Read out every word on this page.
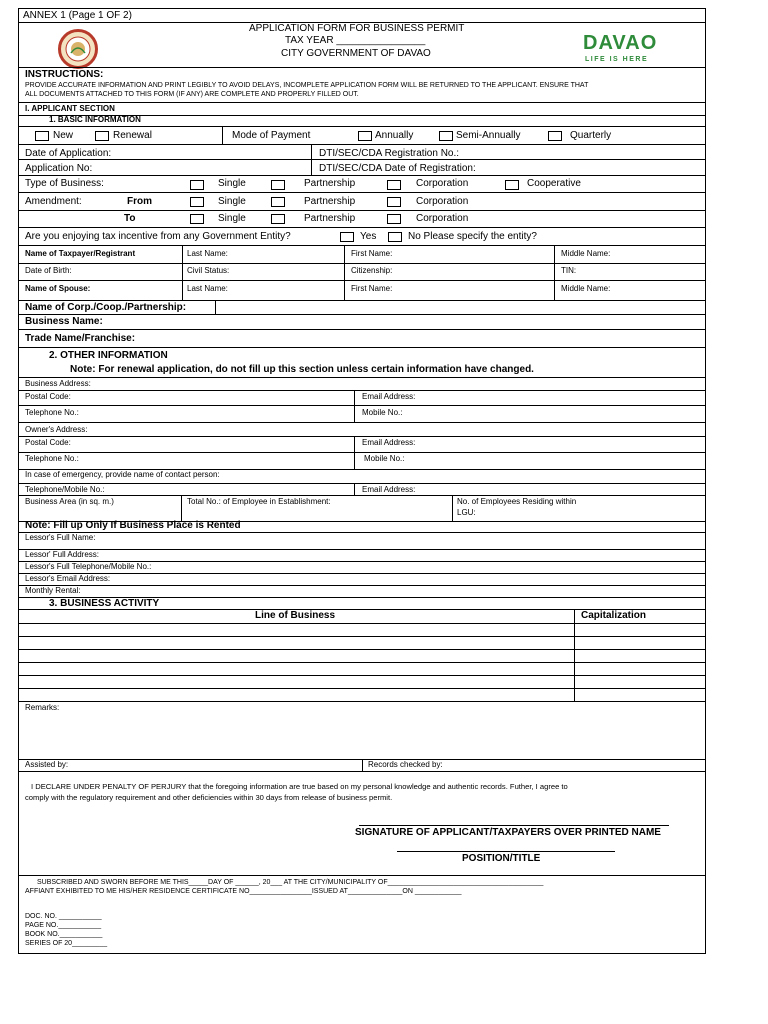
ANNEX 1 (Page 1 OF 2)
APPLICATION FORM FOR BUSINESS PERMIT
TAX YEAR ________________
CITY GOVERNMENT OF DAVAO	DAVAO
LIFE IS HERE
INSTRUCTIONS:
PROVIDE ACCURATE INFORMATION AND PRINT LEGIBLY TO AVOID DELAYS, INCOMPLETE APPLICATION FORM WILL BE RETURNED TO THE APPLICANT. ENSURE THAT
ALL DOCUMENTS ATTACHED TO THIS FORM (IF ANY) ARE COMPLETE AND PROPERLY FILLED OUT.
I. APPLICANT SECTION
1. BASIC INFORMATION
New	Renewal	Mode of Payment	Annually	Semi-Annually	Quarterly
Date of Application:	DTI/SEC/CDA Registration No.:
Application No:	DTI/SEC/CDA Date of Registration:
Type of Business:	Single	Partnership	Corporation	Cooperative
Amendment:	From	Single	Partnership	Corporation
To	Single	Partnership	Corporation
Are you enjoying tax incentive from any Government Entity?	Yes	No Please specify the entity?
Name of Taxpayer/Registrant	Last Name:	First Name:	Middle Name:
Date of Birth:	Civil Status:	Citizenship:	TIN:
Name of Spouse:	Last Name:	First Name:	Middle Name:
Name of Corp./Coop./Partnership:
Business Name:
Trade Name/Franchise:
2. OTHER INFORMATION
Note: For renewal application, do not fill up this section unless certain information have changed.
Business Address:
Postal Code:	Email Address:
Telephone No.:	Mobile No.:
Owner's Address:
Postal Code:	Email Address:
Telephone No.:	Mobile No.:
In case of emergency, provide name of contact person:
Telephone/Mobile No.:	Email Address:
Business Area (in sq. m.)	Total No.: of Employee in Establishment:	No. of Employees Residing within
LGU:
Note: Fill up Only If Business Place is Rented
Lessor's Full Name:
Lessor' Full Address:
Lessor's Full Telephone/Mobile No.:
Lessor's Email Address:
Monthly Rental:
3. BUSINESS ACTIVITY
Line of Business	Capitalization
Remarks:
Assisted by:	Records checked by:
I DECLARE UNDER PENALTY OF PERJURY that the foregoing information are true based on my personal knowledge and authentic records. Futher, I agree to
comply with the regulatory requirement and other deficiencies within 30 days from release of business permit.
SIGNATURE OF APPLICANT/TAXPAYERS OVER PRINTED NAME
POSITION/TITLE
SUBSCRIBED AND SWORN BEFORE ME THIS_____DAY OF ______, 20___ AT THE CITY/MUNICIPALITY OF________________________________________
AFFIANT EXHIBITED TO ME HIS/HER RESIDENCE CERTIFICATE NO________________ISSUED AT______________ON ____________
DOC. NO. ___________
PAGE NO.___________
BOOK NO.___________
SERIES OF 20_________
